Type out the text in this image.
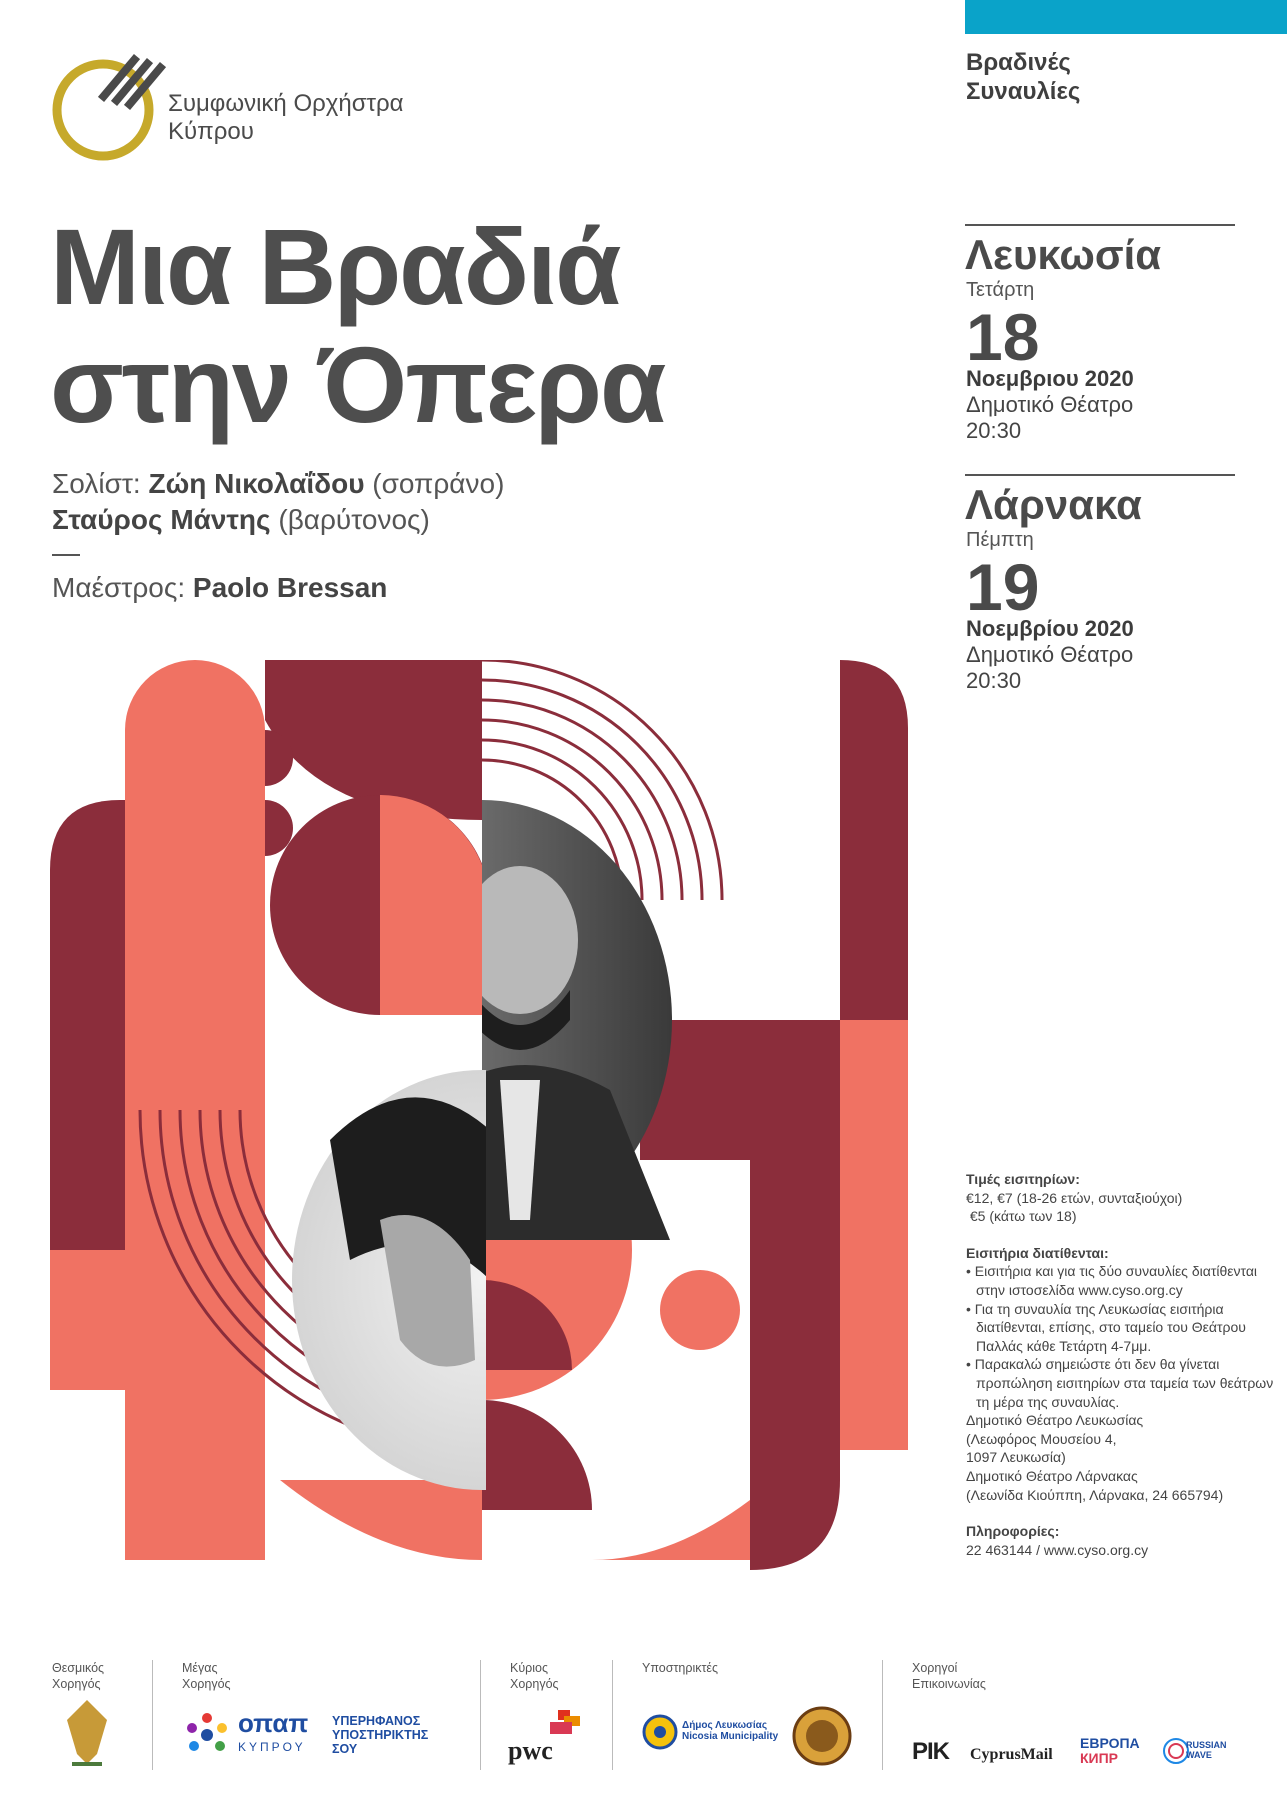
Βραδινές
Συναυλίες
Συμφωνική Ορχήστρα
Κύπρου
Μια Βραδιά
στην Όπερα
Σολίστ: Ζώη Νικολαΐδου (σοπράνο)
Σταύρος Μάντης (βαρύτονος)
Μαέστρος: Paolo Bressan
Λευκωσία
Τετάρτη
18
Νοεμβριου 2020
Δημοτικό Θέατρο
20:30
Λάρνακα
Πέμπτη
19
Νοεμβρίου 2020
Δημοτικό Θέατρο
20:30
Τιμές εισιτηρίων:
€12, €7 (18-26 ετών, συνταξιούχοι)
€5 (κάτω των 18)
Εισιτήρια διατίθενται:
• Εισιτήρια και για τις δύο συναυλίες διατίθενται στην ιστοσελίδα www.cyso.org.cy
• Για τη συναυλία της Λευκωσίας εισιτήρια διατίθενται, επίσης, στο ταμείο του Θεάτρου Παλλάς κάθε Τετάρτη 4-7μμ.
• Παρακαλώ σημειώστε ότι δεν θα γίνεται προπώληση εισιτηρίων στα ταμεία των θεάτρων τη μέρα της συναυλίας.
Δημοτικό Θέατρο Λευκωσίας
(Λεωφόρος Μουσείου 4,
1097 Λευκωσία)
Δημοτικό Θέατρο Λάρνακας
(Λεωνίδα Κιούππη, Λάρνακα, 24 665794)
Πληροφορίες:
22 463144 / www.cyso.org.cy
Θεσμικός
Χορηγός
Μέγας
Χορηγός
οπαπ
ΚΥΠΡΟΥ
ΥΠΕΡΗΦΑΝΟΣ
ΥΠΟΣΤΗΡΙΚΤΗΣ
ΣΟΥ
Κύριος
Χορηγός
pwc
Υποστηρικτές
Δήμος Λευκωσίας
Nicosia Municipality
Χορηγοί
Επικοινωνίας
PIK CyprusMail
ЕВРОПА
КИПР
RUSSIAN
WAVE
